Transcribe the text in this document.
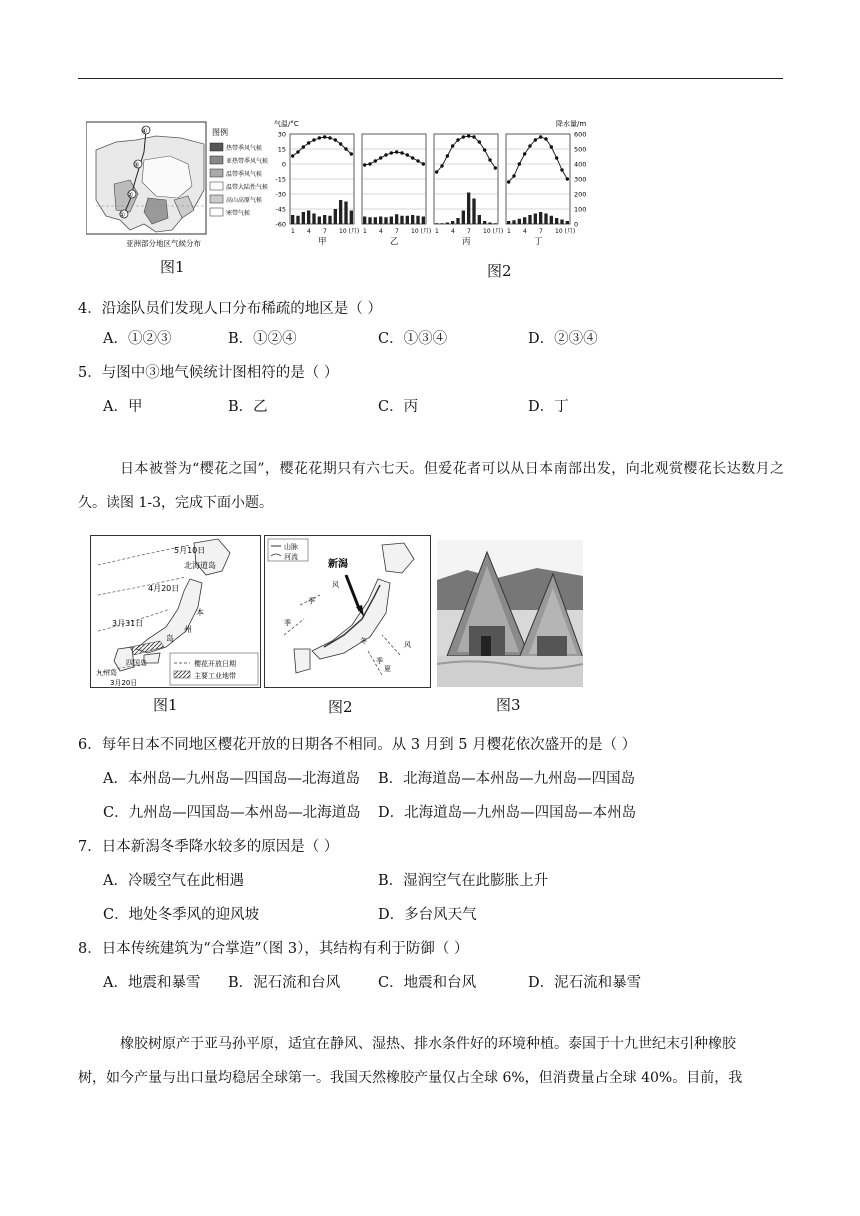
④
③
②
①
图例
热带季风气候
亚热带季风气候
温带季风气候
温带大陆性气候
高山高原气候
寒带气候
亚洲部分地区气候分布
图1
气温/°C	降水量/m
30
15
0
-15
-30
-45
-60
600
500
400
300
200
100
0
1 4 7 10 (月)
甲
1 4 7 10 (月)
乙
1 4 7 10 (月)
丙
1 4 7 10 (月)
丁
图2
4．沿途队员们发现人口分布稀疏的地区是（ ）
A．①②③	B．①②④	C．①③④	D．②③④
5．与图中③地气候统计图相符的是（ ）
A．甲	B．乙	C．丙	D．丁
日本被誉为“樱花之国”，樱花花期只有六七天。但爱花者可以从日本南部出发，向北观赏樱花长达数月之久。读图 1-3，完成下面小题。
5月10日
北海道岛
4月20日
本
3月31日
州
岛
四国岛
九州岛
3月20日
樱花开放日期
主要工业地带
图1
山脉
河流
新潟
风
季
季
冬
夏
风
季
图2	图3
6．每年日本不同地区樱花开放的日期各不相同。从 3 月到 5 月樱花依次盛开的是（ ）
A．本州岛—九州岛—四国岛—北海道岛 B．北海道岛—本州岛—九州岛—四国岛
C．九州岛—四国岛—本州岛—北海道岛 D．北海道岛—九州岛—四国岛—本州岛
7．日本新潟冬季降水较多的原因是（ ）
A．冷暖空气在此相遇	B．湿润空气在此膨胀上升
C．地处冬季风的迎风坡	D．多台风天气
8．日本传统建筑为“合掌造”（图 3），其结构有利于防御（ ）
A．地震和暴雪 B．泥石流和台风	C．地震和台风	D．泥石流和暴雪
橡胶树原产于亚马孙平原，适宜在静风、湿热、排水条件好的环境种植。泰国于十九世纪末引种橡胶
树，如今产量与出口量均稳居全球第一。我国天然橡胶产量仅占全球 6%，但消费量占全球 40%。目前，我
